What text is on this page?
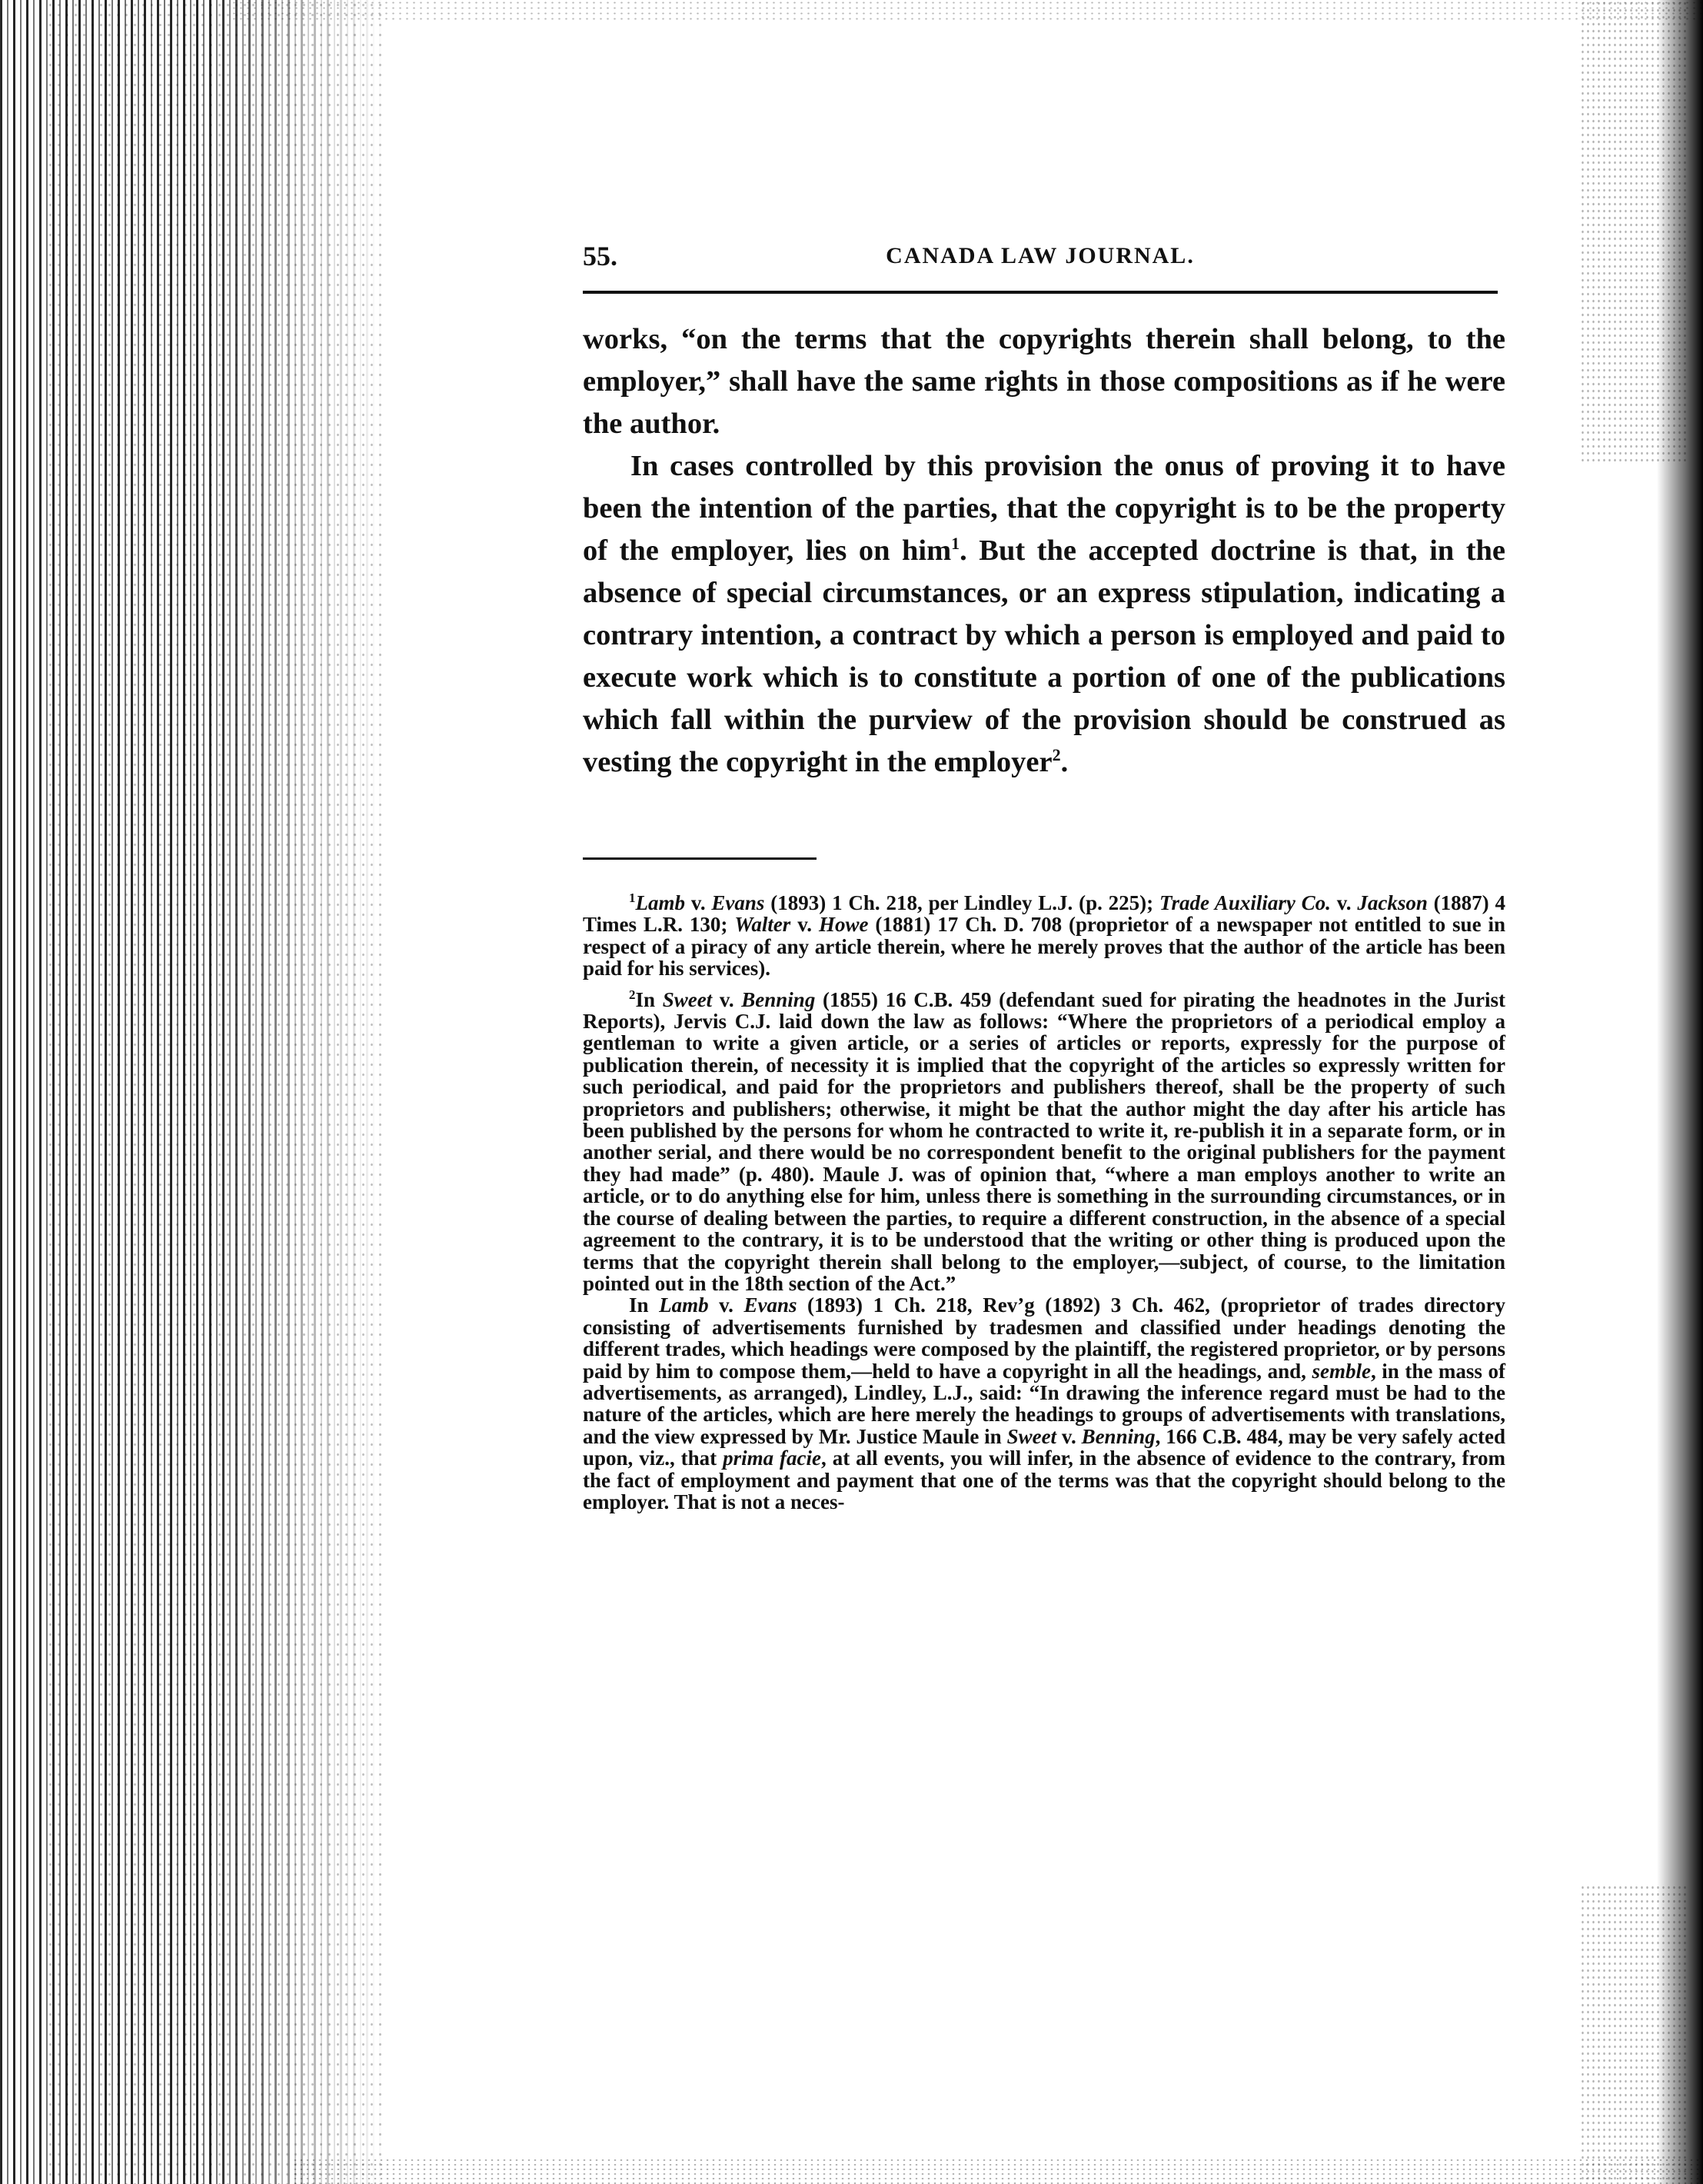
55.	CANADA LAW JOURNAL.

works, “on the terms that the copyrights therein shall belong, to the employer,” shall have the same rights in those compositions as if he were the author.

In cases controlled by this provision the onus of proving it to have been the intention of the parties, that the copyright is to be the property of the employer, lies on him$^1$. But the accepted doctrine is that, in the absence of special circumstances, or an express stipulation, indicating a contrary intention, a contract by which a person is employed and paid to execute work which is to constitute a portion of one of the publications which fall within the purview of the provision should be construed as vesting the copyright in the employer$^2$.

$^1$Lamb v. Evans (1893) 1 Ch. 218, per Lindley L.J. (p. 225); Trade Auxiliary Co. v. Jackson (1887) 4 Times L.R. 130; Walter v. Howe (1881) 17 Ch. D. 708 (proprietor of a newspaper not entitled to sue in respect of a piracy of any article therein, where he merely proves that the author of the article has been paid for his services).

$^2$In Sweet v. Benning (1855) 16 C.B. 459 (defendant sued for pirating the headnotes in the Jurist Reports), Jervis C.J. laid down the law as follows: “Where the proprietors of a periodical employ a gentleman to write a given article, or a series of articles or reports, expressly for the purpose of publication therein, of necessity it is implied that the copyright of the articles so expressly written for such periodical, and paid for the proprietors and publishers thereof, shall be the property of such proprietors and publishers; otherwise, it might be that the author might the day after his article has been published by the persons for whom he contracted to write it, re-publish it in a separate form, or in another serial, and there would be no correspondent benefit to the original publishers for the payment they had made” (p. 480). Maule J. was of opinion that, “where a man employs another to write an article, or to do anything else for him, unless there is something in the surrounding circumstances, or in the course of dealing between the parties, to require a different construction, in the absence of a special agreement to the contrary, it is to be understood that the writing or other thing is produced upon the terms that the copyright therein shall belong to the employer,—subject, of course, to the limitation pointed out in the 18th section of the Act.”

In Lamb v. Evans (1893) 1 Ch. 218, Rev’g (1892) 3 Ch. 462, (proprietor of trades directory consisting of advertisements furnished by tradesmen and classified under headings denoting the different trades, which headings were composed by the plaintiff, the registered proprietor, or by persons paid by him to compose them,—held to have a copyright in all the headings, and, semble, in the mass of advertisements, as arranged), Lindley, L.J., said: “In drawing the inference regard must be had to the nature of the articles, which are here merely the headings to groups of advertisements with translations, and the view expressed by Mr. Justice Maule in Sweet v. Benning, 166 C.B. 484, may be very safely acted upon, viz., that prima facie, at all events, you will infer, in the absence of evidence to the contrary, from the fact of employment and payment that one of the terms was that the copyright should belong to the employer. That is not a neces-
